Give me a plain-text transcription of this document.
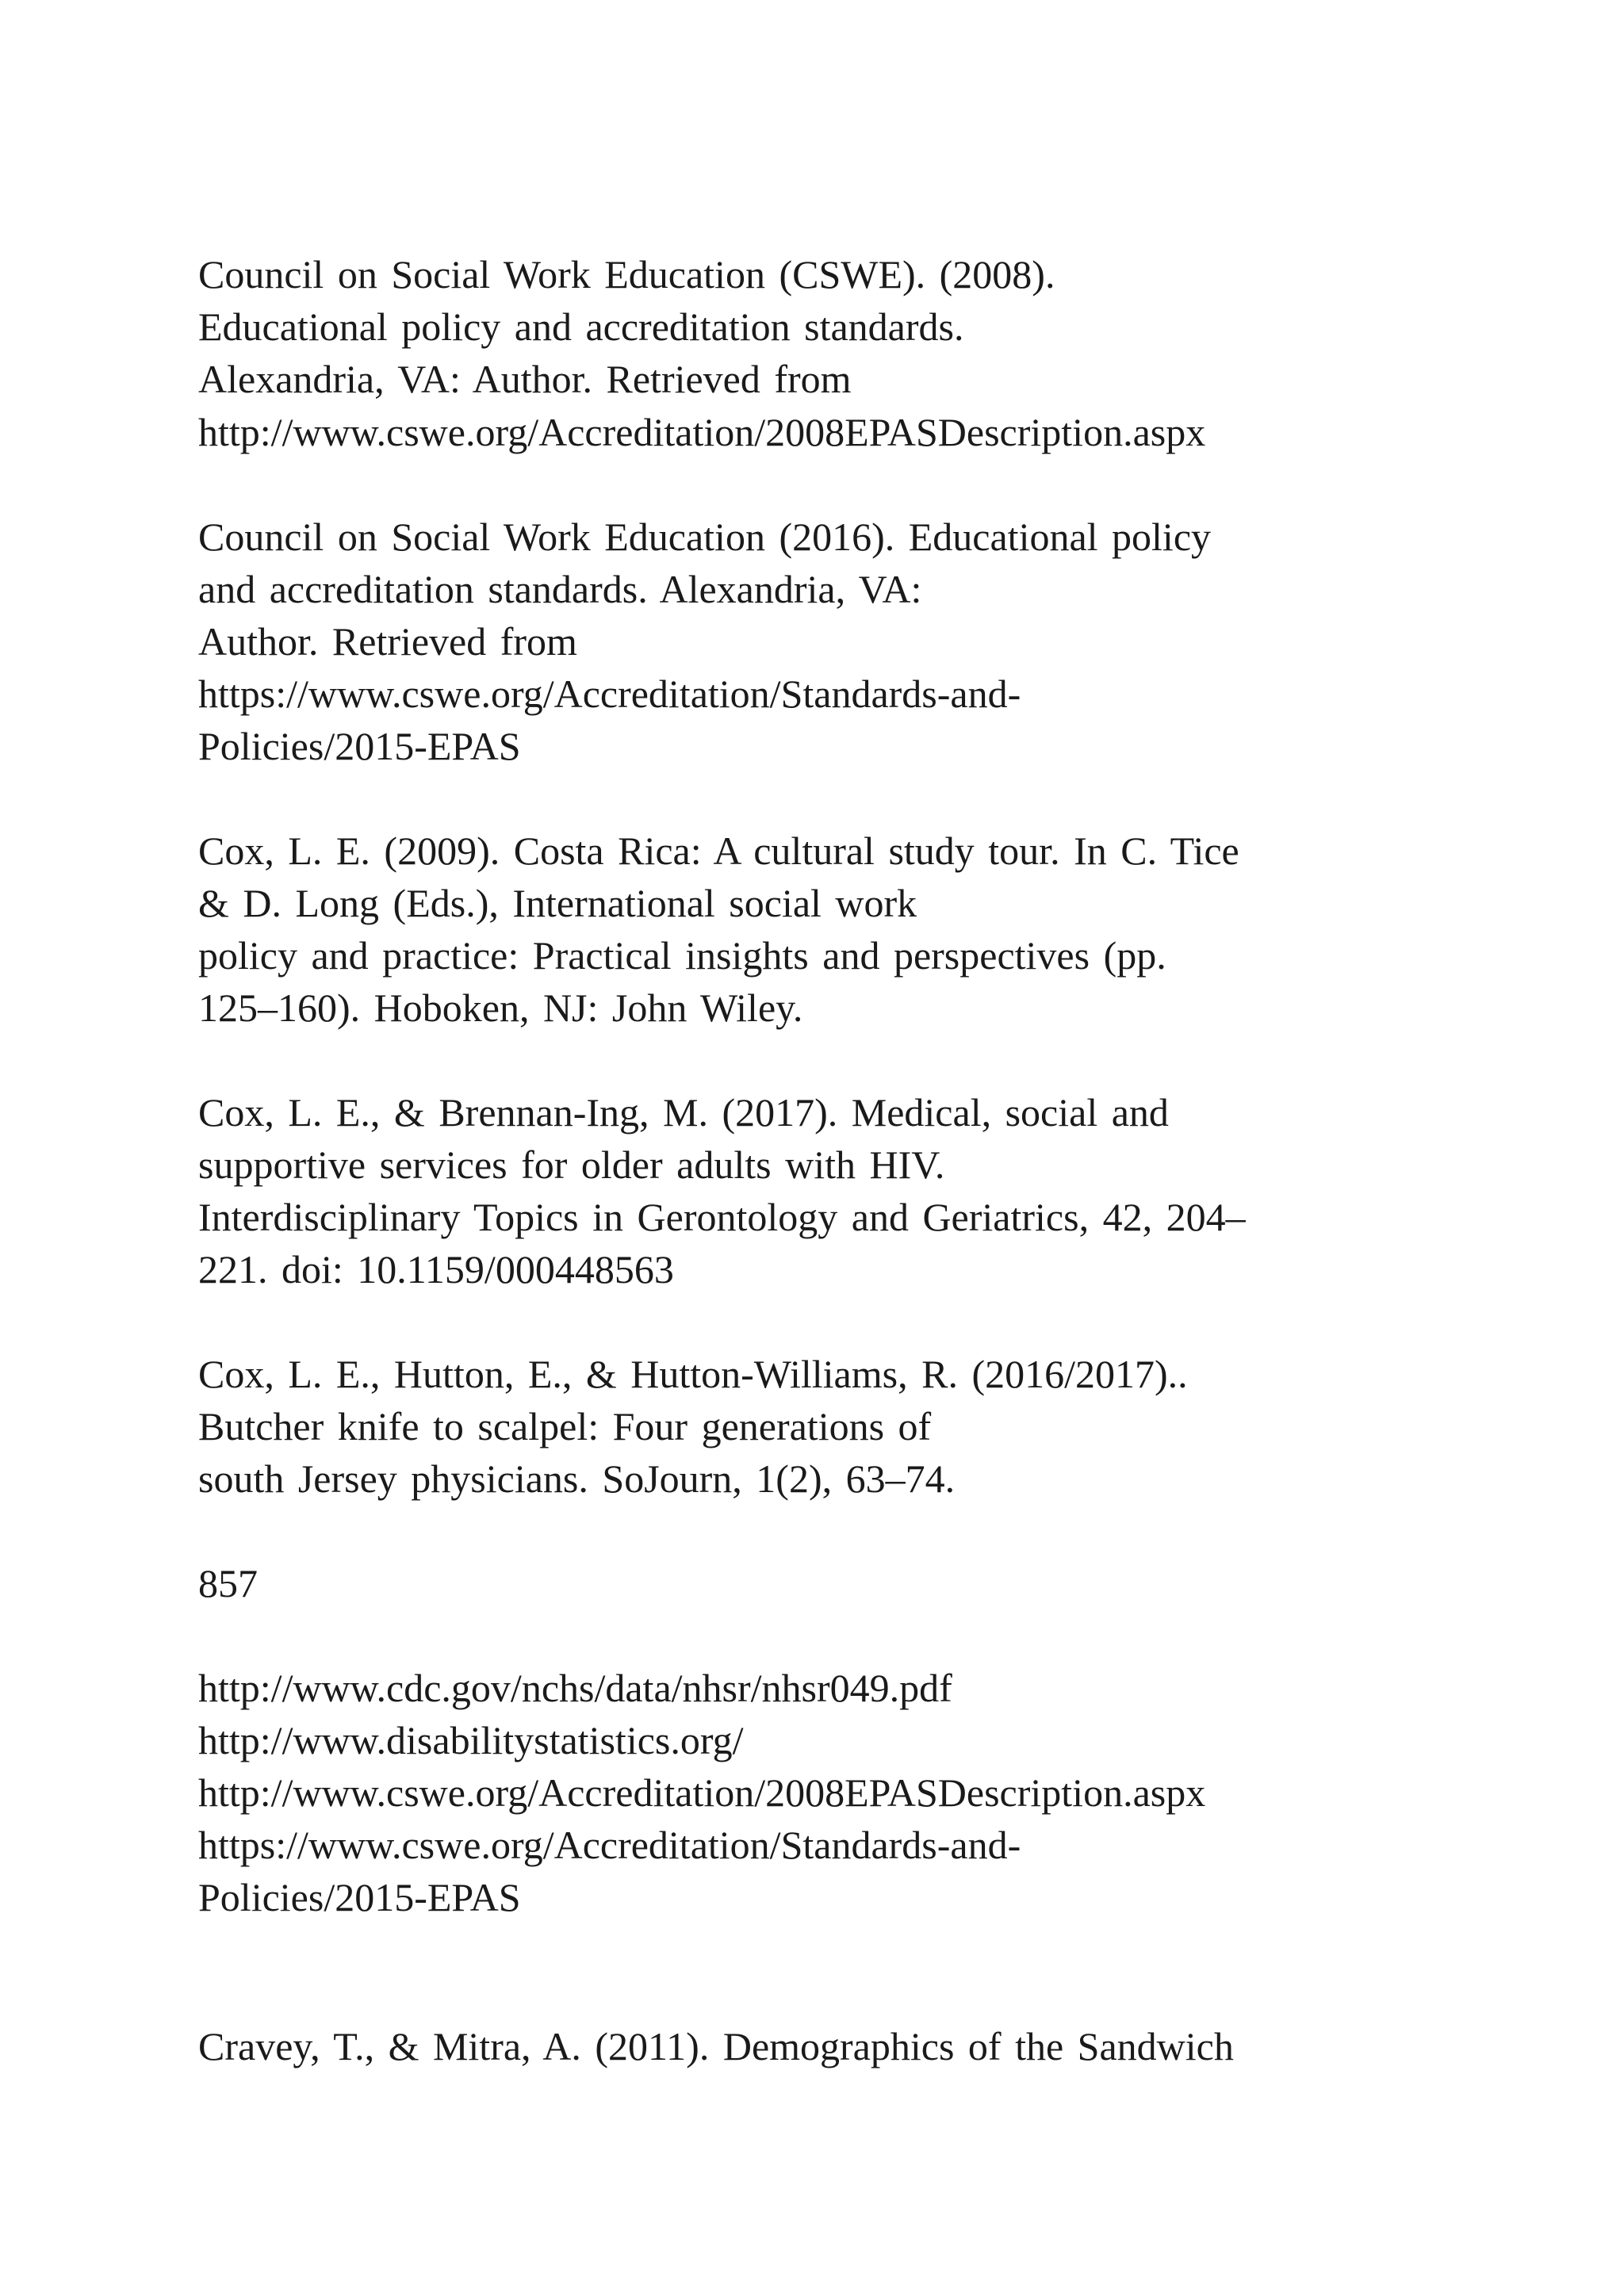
Council on Social Work Education (CSWE). (2008).

Educational policy and accreditation standards.

Alexandria, VA: Author. Retrieved from

http://www.cswe.org/Accreditation/2008EPASDescription.aspx

Council on Social Work Education (2016). Educational policy

and accreditation standards. Alexandria, VA:

Author. Retrieved from

https://www.cswe.org/Accreditation/Standards-and-

Policies/2015-EPAS

Cox, L. E. (2009). Costa Rica: A cultural study tour. In C. Tice

& D. Long (Eds.), International social work

policy and practice: Practical insights and perspectives (pp.

125–160). Hoboken, NJ: John Wiley.

Cox, L. E., & Brennan-Ing, M. (2017). Medical, social and

supportive services for older adults with HIV.

Interdisciplinary Topics in Gerontology and Geriatrics, 42, 204–

221. doi: 10.1159/000448563

Cox, L. E., Hutton, E., & Hutton-Williams, R. (2016/2017)..

Butcher knife to scalpel: Four generations of

south Jersey physicians. SoJourn, 1(2), 63–74.

857

http://www.cdc.gov/nchs/data/nhsr/nhsr049.pdf

http://www.disabilitystatistics.org/

http://www.cswe.org/Accreditation/2008EPASDescription.aspx

https://www.cswe.org/Accreditation/Standards-and-

Policies/2015-EPAS

Cravey, T., & Mitra, A. (2011). Demographics of the Sandwich
